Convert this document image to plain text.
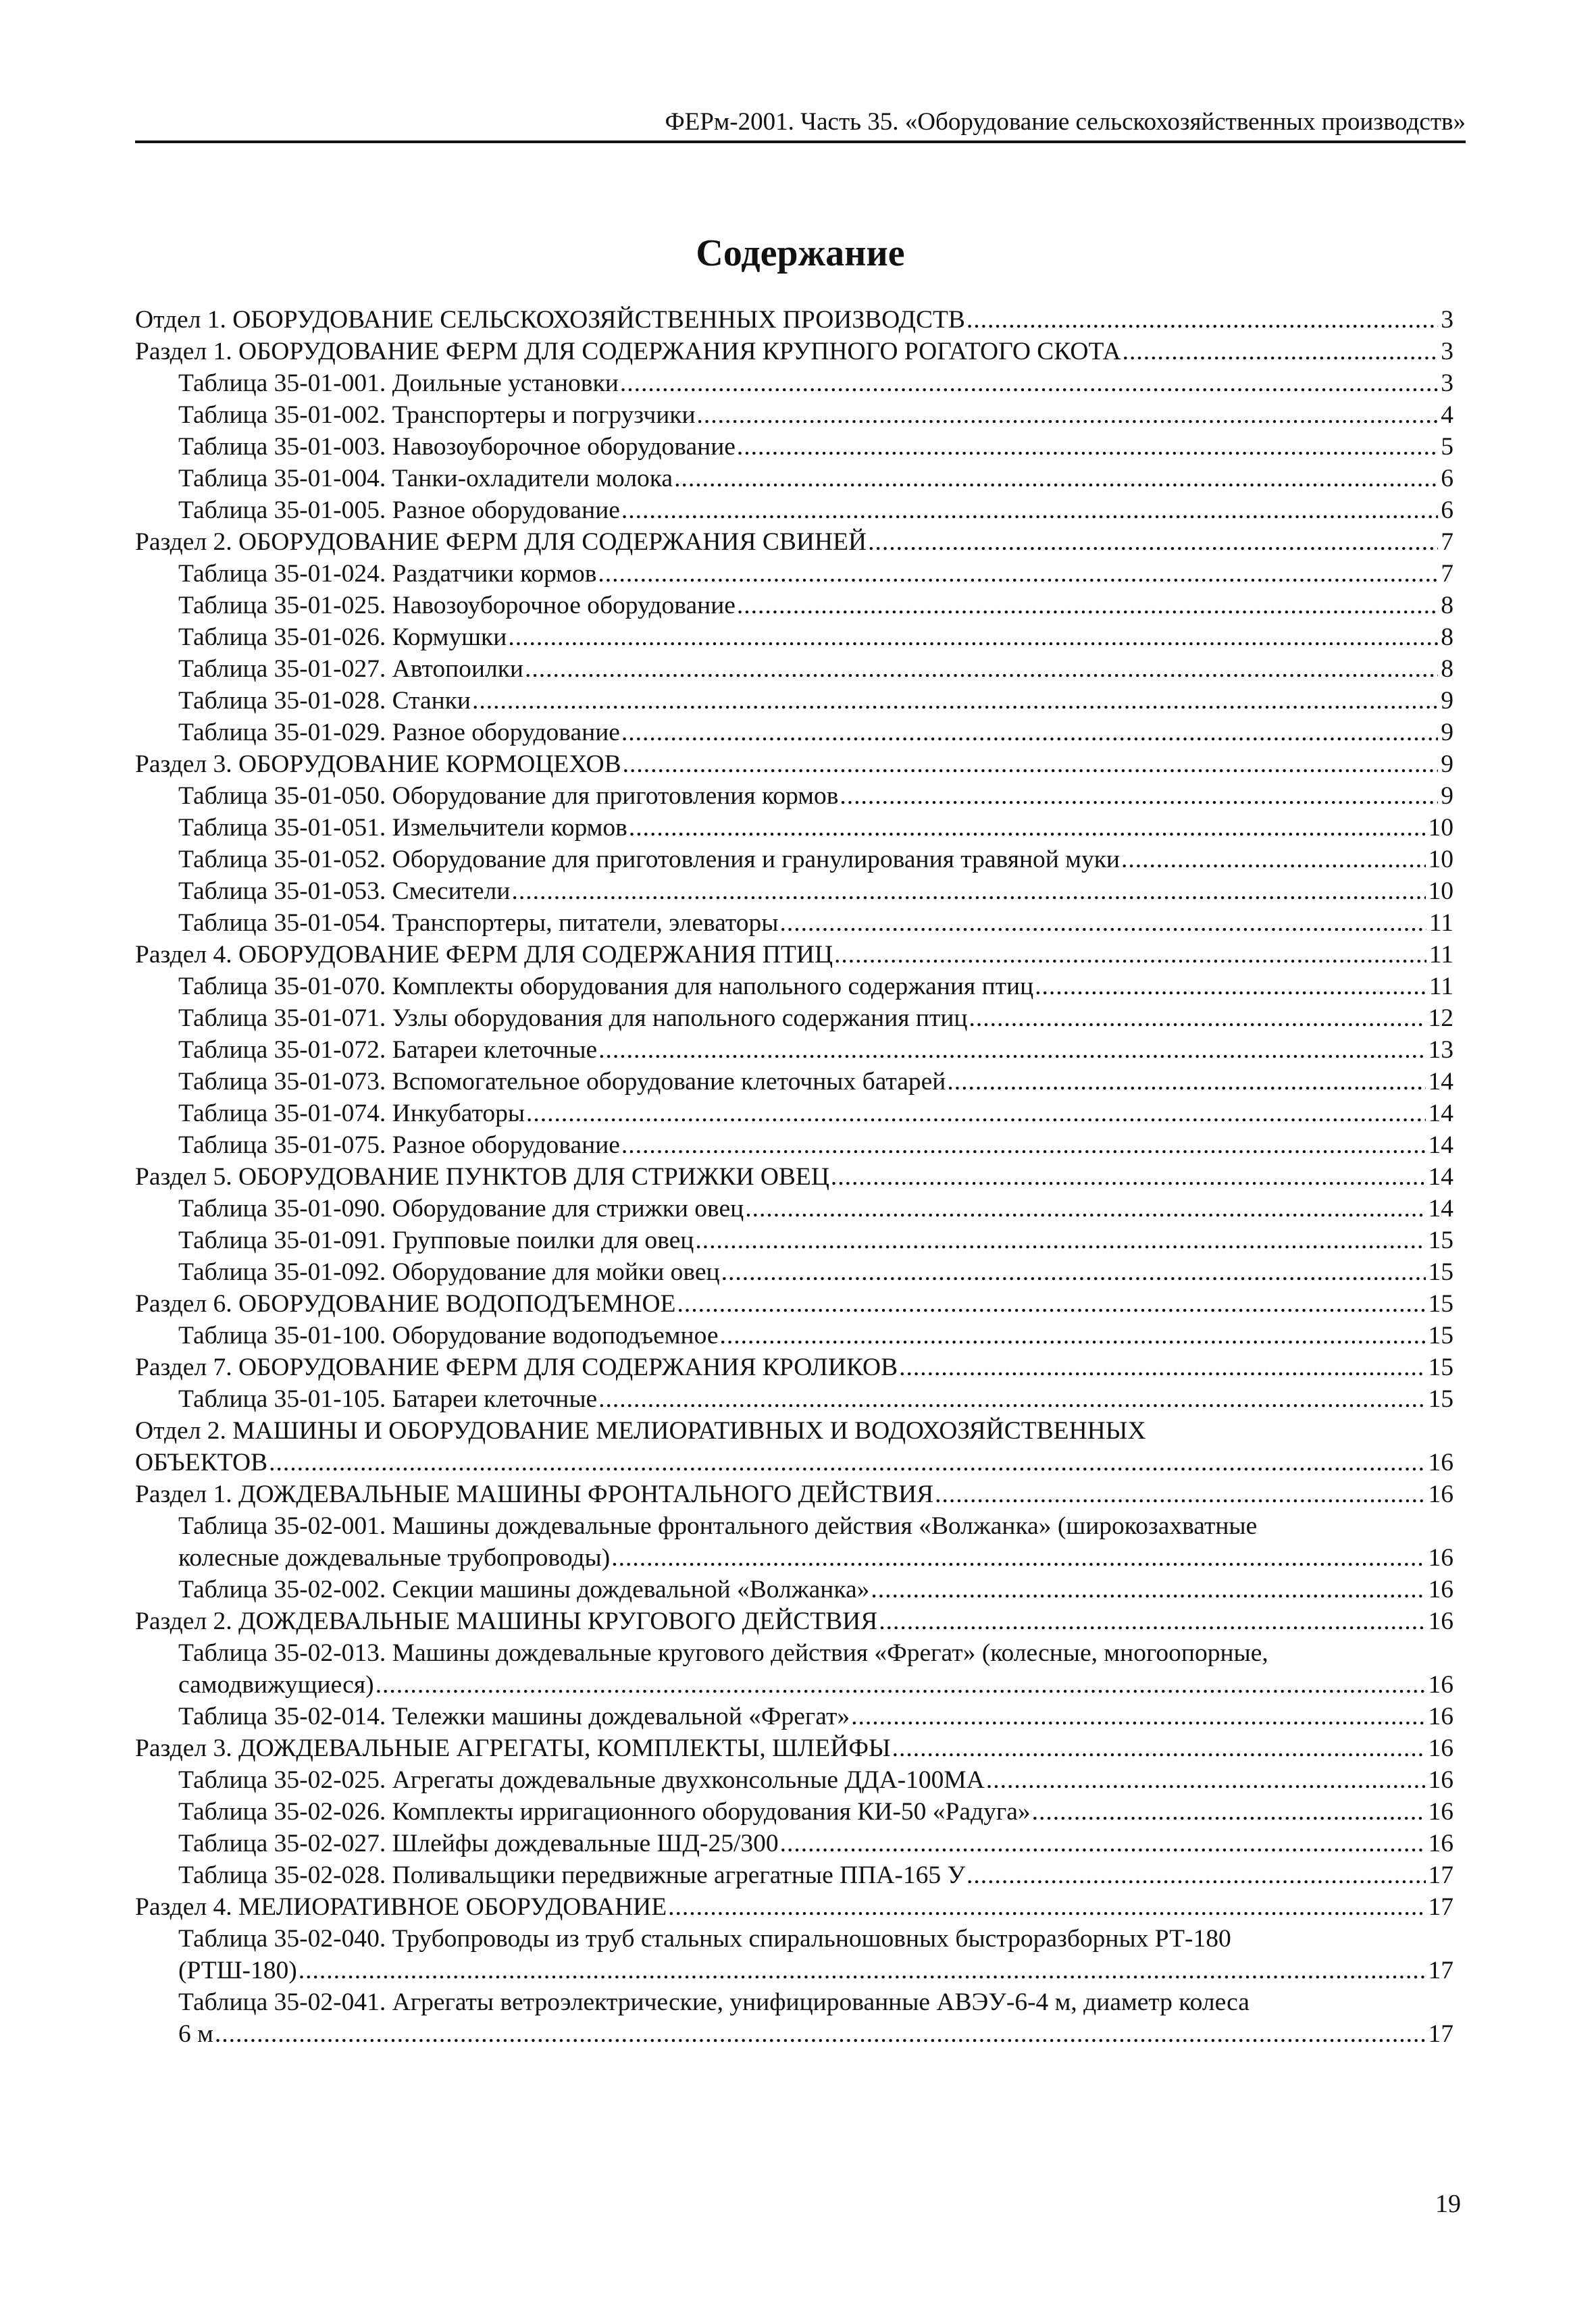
ФЕРм-2001. Часть 35. «Оборудование сельскохозяйственных производств»
Содержание
Отдел 1. ОБОРУДОВАНИЕ СЕЛЬСКОХОЗЯЙСТВЕННЫХ ПРОИЗВОДСТВ .....	3
Раздел 1. ОБОРУДОВАНИЕ ФЕРМ ДЛЯ СОДЕРЖАНИЯ КРУПНОГО РОГАТОГО СКОТА .....	3
Таблица 35-01-001. Доильные установки .....	3
Таблица 35-01-002. Транспортеры и погрузчики .....	4
Таблица 35-01-003. Навозоуборочное оборудование .....	5
Таблица 35-01-004. Танки-охладители молока .....	6
Таблица 35-01-005. Разное оборудование .....	6
Раздел 2. ОБОРУДОВАНИЕ ФЕРМ ДЛЯ СОДЕРЖАНИЯ СВИНЕЙ .....	7
Таблица 35-01-024. Раздатчики кормов .....	7
Таблица 35-01-025. Навозоуборочное оборудование .....	8
Таблица 35-01-026. Кормушки .....	8
Таблица 35-01-027. Автопоилки .....	8
Таблица 35-01-028. Станки .....	9
Таблица 35-01-029. Разное оборудование .....	9
Раздел 3. ОБОРУДОВАНИЕ КОРМОЦЕХОВ .....	9
Таблица 35-01-050. Оборудование для приготовления кормов .....	9
Таблица 35-01-051. Измельчители кормов .....	10
Таблица 35-01-052. Оборудование для приготовления и гранулирования травяной муки .....	10
Таблица 35-01-053. Смесители .....	10
Таблица 35-01-054. Транспортеры, питатели, элеваторы .....	11
Раздел 4. ОБОРУДОВАНИЕ ФЕРМ ДЛЯ СОДЕРЖАНИЯ ПТИЦ .....	11
Таблица 35-01-070. Комплекты оборудования для напольного содержания птиц .....	11
Таблица 35-01-071. Узлы оборудования для напольного содержания птиц .....	12
Таблица 35-01-072. Батареи клеточные .....	13
Таблица 35-01-073. Вспомогательное оборудование клеточных батарей .....	14
Таблица 35-01-074. Инкубаторы .....	14
Таблица 35-01-075. Разное оборудование .....	14
Раздел 5. ОБОРУДОВАНИЕ ПУНКТОВ ДЛЯ СТРИЖКИ ОВЕЦ .....	14
Таблица 35-01-090. Оборудование для стрижки овец .....	14
Таблица 35-01-091. Групповые поилки для овец .....	15
Таблица 35-01-092. Оборудование для мойки овец .....	15
Раздел 6. ОБОРУДОВАНИЕ ВОДОПОДЪЕМНОЕ .....	15
Таблица 35-01-100. Оборудование водоподъемное .....	15
Раздел 7. ОБОРУДОВАНИЕ ФЕРМ ДЛЯ СОДЕРЖАНИЯ КРОЛИКОВ .....	15
Таблица 35-01-105. Батареи клеточные .....	15
Отдел 2. МАШИНЫ И ОБОРУДОВАНИЕ МЕЛИОРАТИВНЫХ И ВОДОХОЗЯЙСТВЕННЫХ
ОБЪЕКТОВ .....	16
Раздел 1. ДОЖДЕВАЛЬНЫЕ МАШИНЫ ФРОНТАЛЬНОГО ДЕЙСТВИЯ .....	16
Таблица 35-02-001. Машины дождевальные фронтального действия «Волжанка» (широкозахватные
колесные дождевальные трубопроводы) .....	16
Таблица 35-02-002. Секции машины дождевальной «Волжанка» .....	16
Раздел 2. ДОЖДЕВАЛЬНЫЕ МАШИНЫ КРУГОВОГО ДЕЙСТВИЯ .....	16
Таблица 35-02-013. Машины дождевальные кругового действия «Фрегат» (колесные, многоопорные,
самодвижущиеся) .....	16
Таблица 35-02-014. Тележки машины дождевальной «Фрегат» .....	16
Раздел 3. ДОЖДЕВАЛЬНЫЕ АГРЕГАТЫ, КОМПЛЕКТЫ, ШЛЕЙФЫ .....	16
Таблица 35-02-025. Агрегаты дождевальные двухконсольные ДДА-100МА .....	16
Таблица 35-02-026. Комплекты ирригационного оборудования КИ-50 «Радуга» .....	16
Таблица 35-02-027. Шлейфы дождевальные ШД-25/300 .....	16
Таблица 35-02-028. Поливальщики передвижные агрегатные ППА-165 У .....	17
Раздел 4. МЕЛИОРАТИВНОЕ ОБОРУДОВАНИЕ .....	17
Таблица 35-02-040. Трубопроводы из труб стальных спиральношовных быстроразборных РТ-180
(РТШ-180) .....	17
Таблица 35-02-041. Агрегаты ветроэлектрические, унифицированные АВЭУ-6-4 м, диаметр колеса
6 м .....	17
19
